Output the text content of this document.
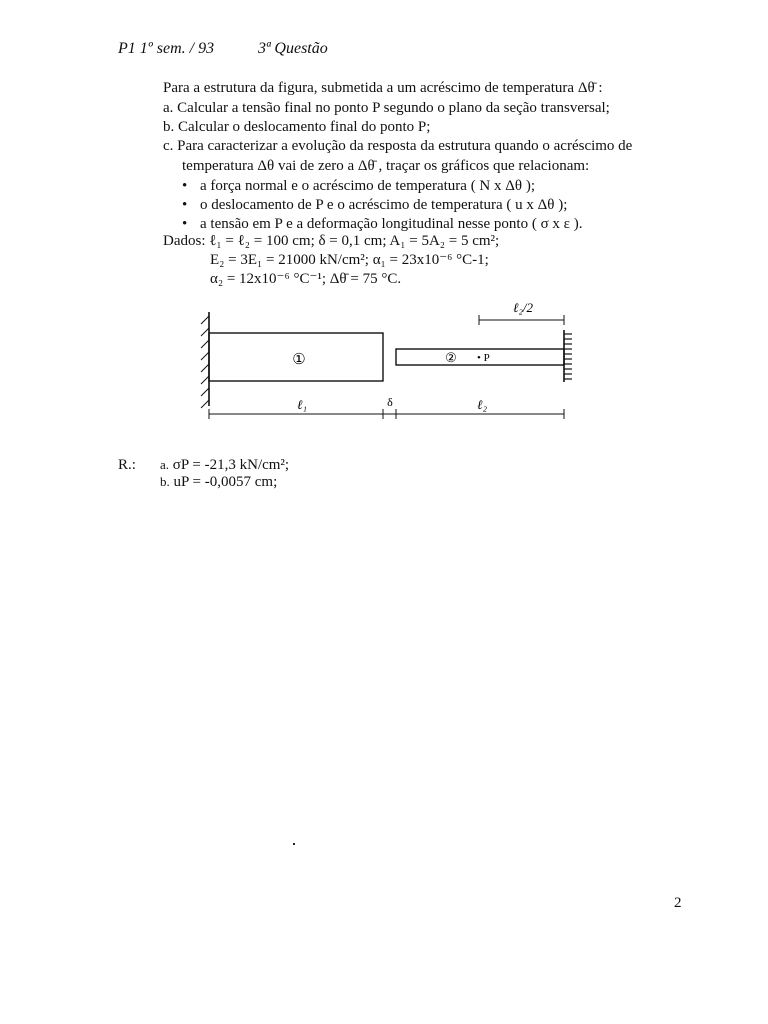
P1 1º sem. / 93	3ª Questão
Para a estrutura da figura, submetida a um acréscimo de temperatura Δθ̄ :
a. Calcular a tensão final no ponto P segundo o plano da seção transversal;
b. Calcular o deslocamento final do ponto P;
c. Para caracterizar a evolução da resposta da estrutura quando o acréscimo de
temperatura Δθ vai de zero a Δθ̄ , traçar os gráficos que relacionam:
• a força normal e o acréscimo de temperatura ( N x Δθ );
• o deslocamento de P e o acréscimo de temperatura ( u x Δθ );
• a tensão em P e a deformação longitudinal nesse ponto ( σ x ε ).
Dados: ℓ₁ = ℓ₂ = 100 cm; δ = 0,1 cm; A₁ = 5A₂ = 5 cm²;
E₂ = 3E₁ = 21000 kN/cm²; α₁ = 23x10⁻⁶ °C-1;
α₂ = 12x10⁻⁶ °C⁻¹; Δθ̄ = 75 °C.
①	② • P
ℓ₂/2
ℓ₁	δ	ℓ₂
R.: a. σP = -21,3 kN/cm²;
b. uP = -0,0057 cm;
2
